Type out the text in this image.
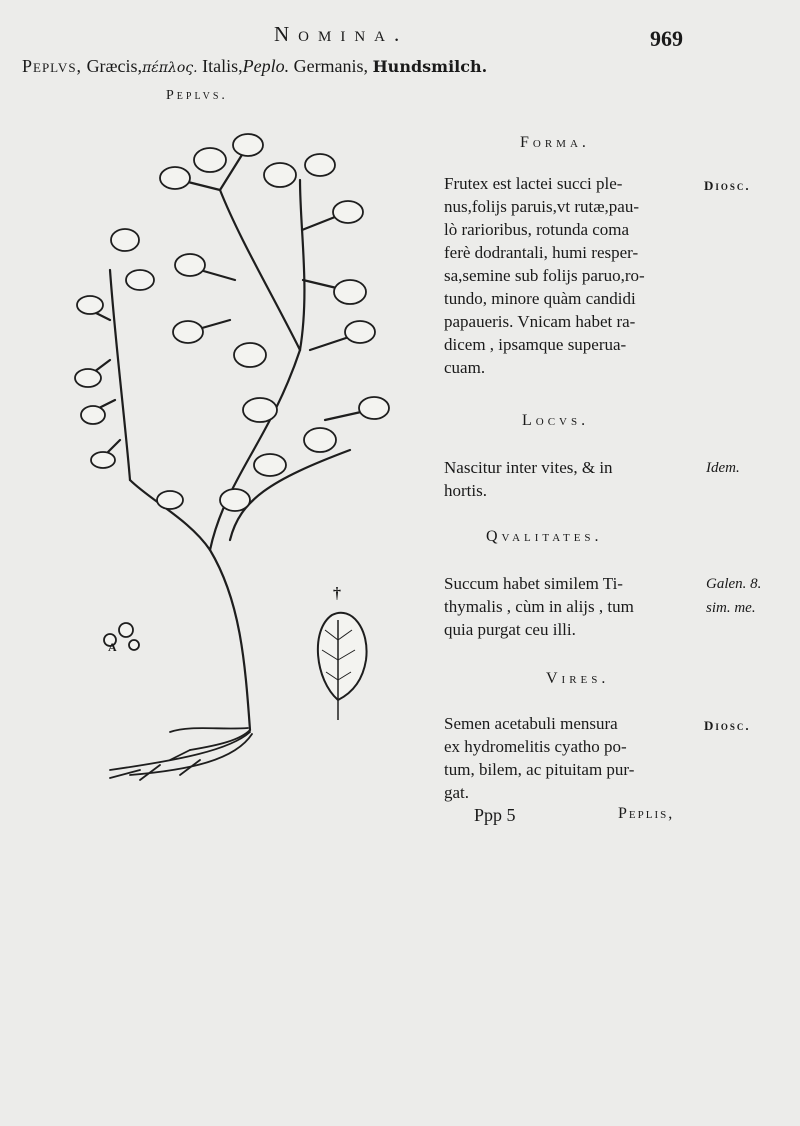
Nomina.	969
Peplvs, Græcis,πέπλος. Italis,Peplo. Germanis, Hundsmilch.
Peplvs.
†
A
Forma.
Frutex est lactei succi ple-
nus,folijs paruis,vt rutæ,pau-
lò rarioribus, rotunda coma
ferè dodrantali, humi resper-
sa,semine sub folijs paruo,ro-
tundo, minore quàm candidi
papaueris. Vnicam habet ra-
dicem , ipsamque superua-
cuam.
Diosc.
Locvs.
Nascitur inter vites, & in
hortis.
Idem.
Qvalitates.
Succum habet similem Ti-
thymalis , cùm in alijs , tum
quia purgat ceu illi.
Galen. 8.
sim. me.
Vires.
Semen acetabuli mensura
ex hydromelitis cyatho po-
tum, bilem, ac pituitam pur-
gat.
Diosc.
Ppp 5	Peplis,
